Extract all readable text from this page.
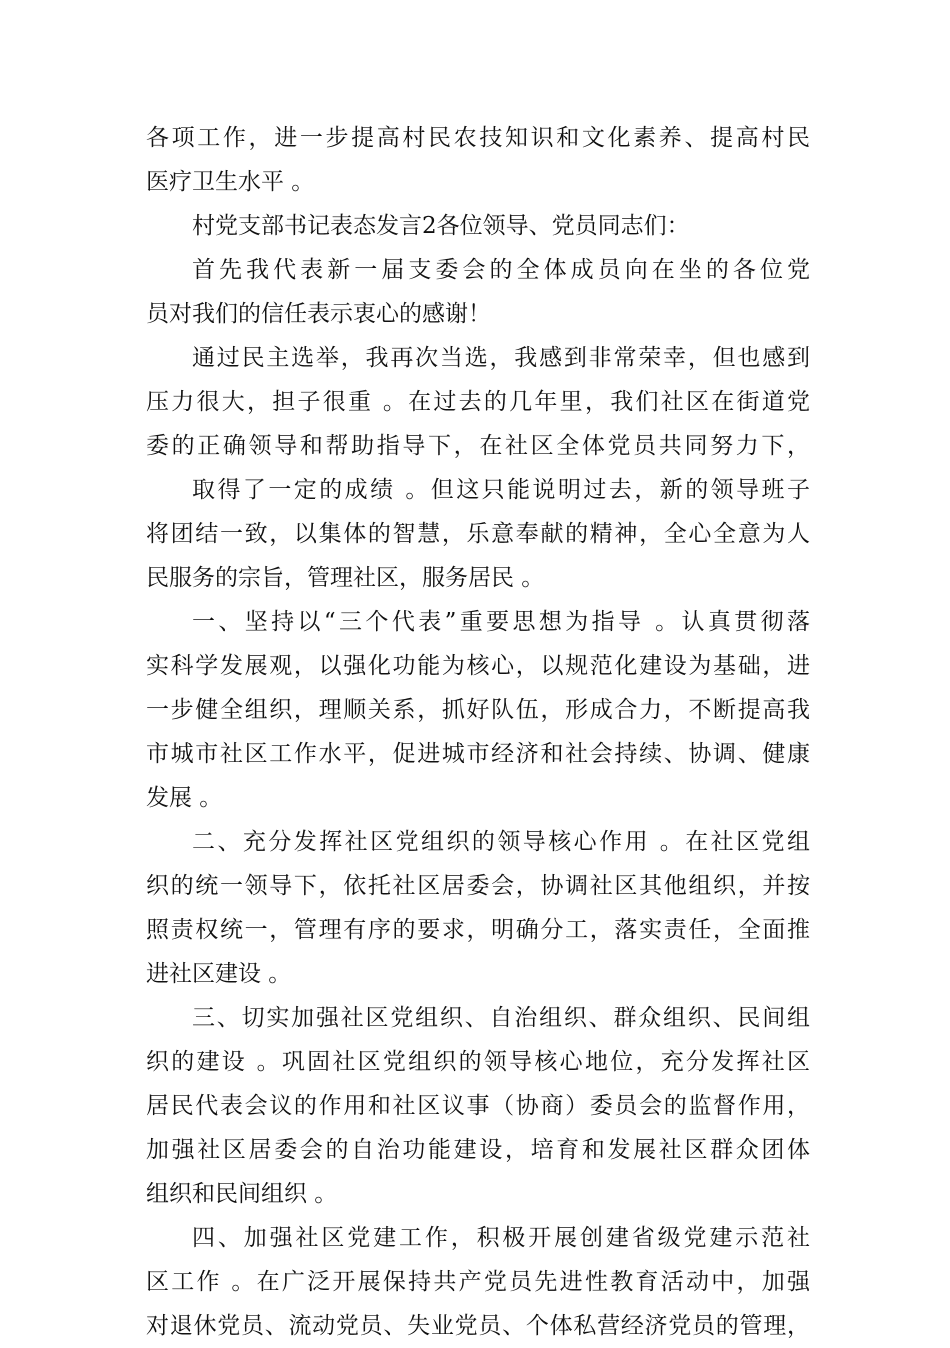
各项工作，进一步提高村民农技知识和文化素养、提高村民
医疗卫生水平 。
村党支部书记表态发言2各位领导、党员同志们：
首先我代表新一届支委会的全体成员向在坐的各位党
员对我们的信任表示衷心的感谢！
通过民主选举，我再次当选，我感到非常荣幸，但也感到
压力很大，担子很重 。在过去的几年里，我们社区在街道党
委的正确领导和帮助指导下，在社区全体党员共同努力下，
取得了一定的成绩 。但这只能说明过去，新的领导班子
将团结一致，以集体的智慧，乐意奉献的精神，全心全意为人
民服务的宗旨，管理社区，服务居民 。
一、坚持以“三个代表”重要思想为指导 。认真贯彻落
实科学发展观，以强化功能为核心，以规范化建设为基础，进
一步健全组织，理顺关系，抓好队伍，形成合力，不断提高我
市城市社区工作水平，促进城市经济和社会持续、协调、健康
发展 。
二、充分发挥社区党组织的领导核心作用 。在社区党组
织的统一领导下，依托社区居委会，协调社区其他组织，并按
照责权统一，管理有序的要求，明确分工，落实责任，全面推
进社区建设 。
三、切实加强社区党组织、自治组织、群众组织、民间组
织的建设 。巩固社区党组织的领导核心地位，充分发挥社区
居民代表会议的作用和社区议事（协商）委员会的监督作用，
加强社区居委会的自治功能建设，培育和发展社区群众团体
组织和民间组织 。
四、加强社区党建工作，积极开展创建省级党建示范社
区工作 。在广泛开展保持共产党员先进性教育活动中，加强
对退休党员、流动党员、失业党员、个体私营经济党员的管理，
